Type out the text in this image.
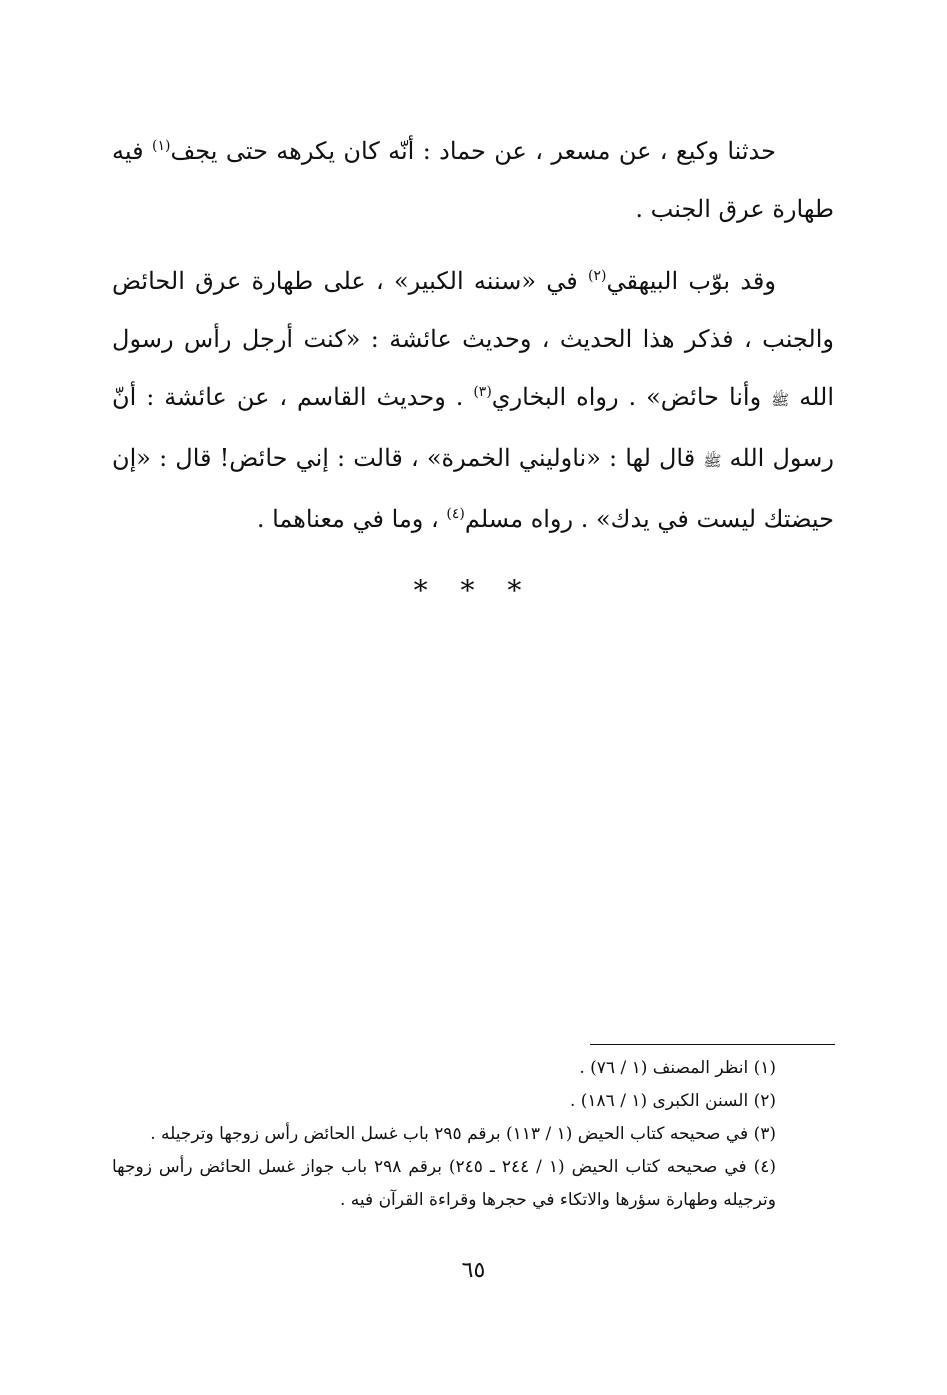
حدثنا وكيع ، عن مسعر ، عن حماد : أنّه كان يكرهه حتى يجف$^{(١)}$ فيه طهارة عرق الجنب .

وقد بوّب البيهقي$^{(٢)}$ في «سننه الكبير» ، على طهارة عرق الحائض والجنب ، فذكر هذا الحديث ، وحديث عائشة : «كنت أرجل رأس رسول الله ﷺ وأنا حائض» . رواه البخاري$^{(٣)}$ . وحديث القاسم ، عن عائشة : أنّ رسول الله ﷺ قال لها : «ناوليني الخمرة» ، قالت : إني حائض! قال : «إن حيضتك ليست في يدك» . رواه مسلم$^{(٤)}$ ، وما في معناهما .

* * *

(١) انظر المصنف (١ / ٧٦) .

(٢) السنن الكبرى (١ / ١٨٦) .

(٣) في صحيحه كتاب الحيض (١ / ١١٣) برقم ٢٩٥ باب غسل الحائض رأس زوجها وترجيله .

(٤) في صحيحه كتاب الحيض (١ / ٢٤٤ ـ ٢٤٥) برقم ٢٩٨ باب جواز غسل الحائض رأس زوجها وترجيله وطهارة سؤرها والاتكاء في حجرها وقراءة القرآن فيه .

٦٥
